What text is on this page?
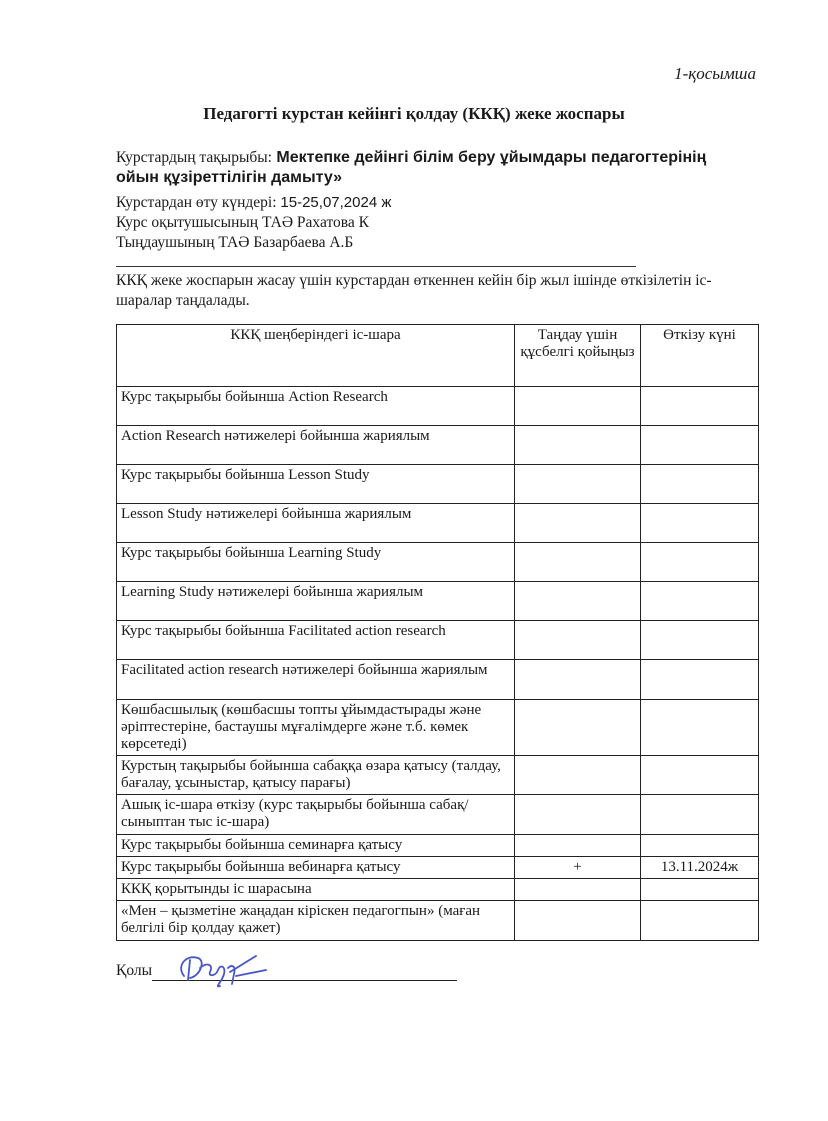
1-қосымша
Педагогті курстан кейінгі қолдау (ККҚ) жеке жоспары
Курстардың тақырыбы: Мектепке дейінгі білім беру ұйымдары педагогтерінің
ойын құзіреттілігін дамыту»
Курстардан өту күндері: 15-25,07,2024 ж
Курс оқытушысының ТАӘ Рахатова К
Тыңдаушының ТАӘ Базарбаева А.Б
ККҚ жеке жоспарын жасау үшін курстардан өткеннен кейін бір жыл ішінде өткізілетін іс-шаралар таңдалады.
ККҚ шеңберіндегі іс-шара	Таңдау үшін құсбелгі қойыңыз	Өткізу күні
Курс тақырыбы бойынша Action Research		
Action Research нәтижелері бойынша жариялым		
Курс тақырыбы бойынша Lesson Study		
Lesson Study нәтижелері бойынша жариялым		
Курс тақырыбы бойынша Learning Study		
Learning Study нәтижелері бойынша жариялым		
Курс тақырыбы бойынша Facilitated action research		
Facilitated action research нәтижелері бойынша жариялым		
Көшбасшылық (көшбасшы топты ұйымдастырады және әріптестеріне, бастаушы мұғалімдерге және т.б. көмек көрсетеді)		
Курстың тақырыбы бойынша сабаққа өзара қатысу (талдау, бағалау, ұсыныстар, қатысу парағы)		
Ашық іс-шара өткізу (курс тақырыбы бойынша сабақ/ сыныптан тыс іс-шара)		
Курс тақырыбы бойынша семинарға қатысу		
Курс тақырыбы бойынша вебинарға қатысу	+	13.11.2024ж
ККҚ қорытынды іс шарасына		
«Мен – қызметіне жаңадан кіріскен педагогпын» (маған белгілі бір қолдау қажет)		
Қолы
